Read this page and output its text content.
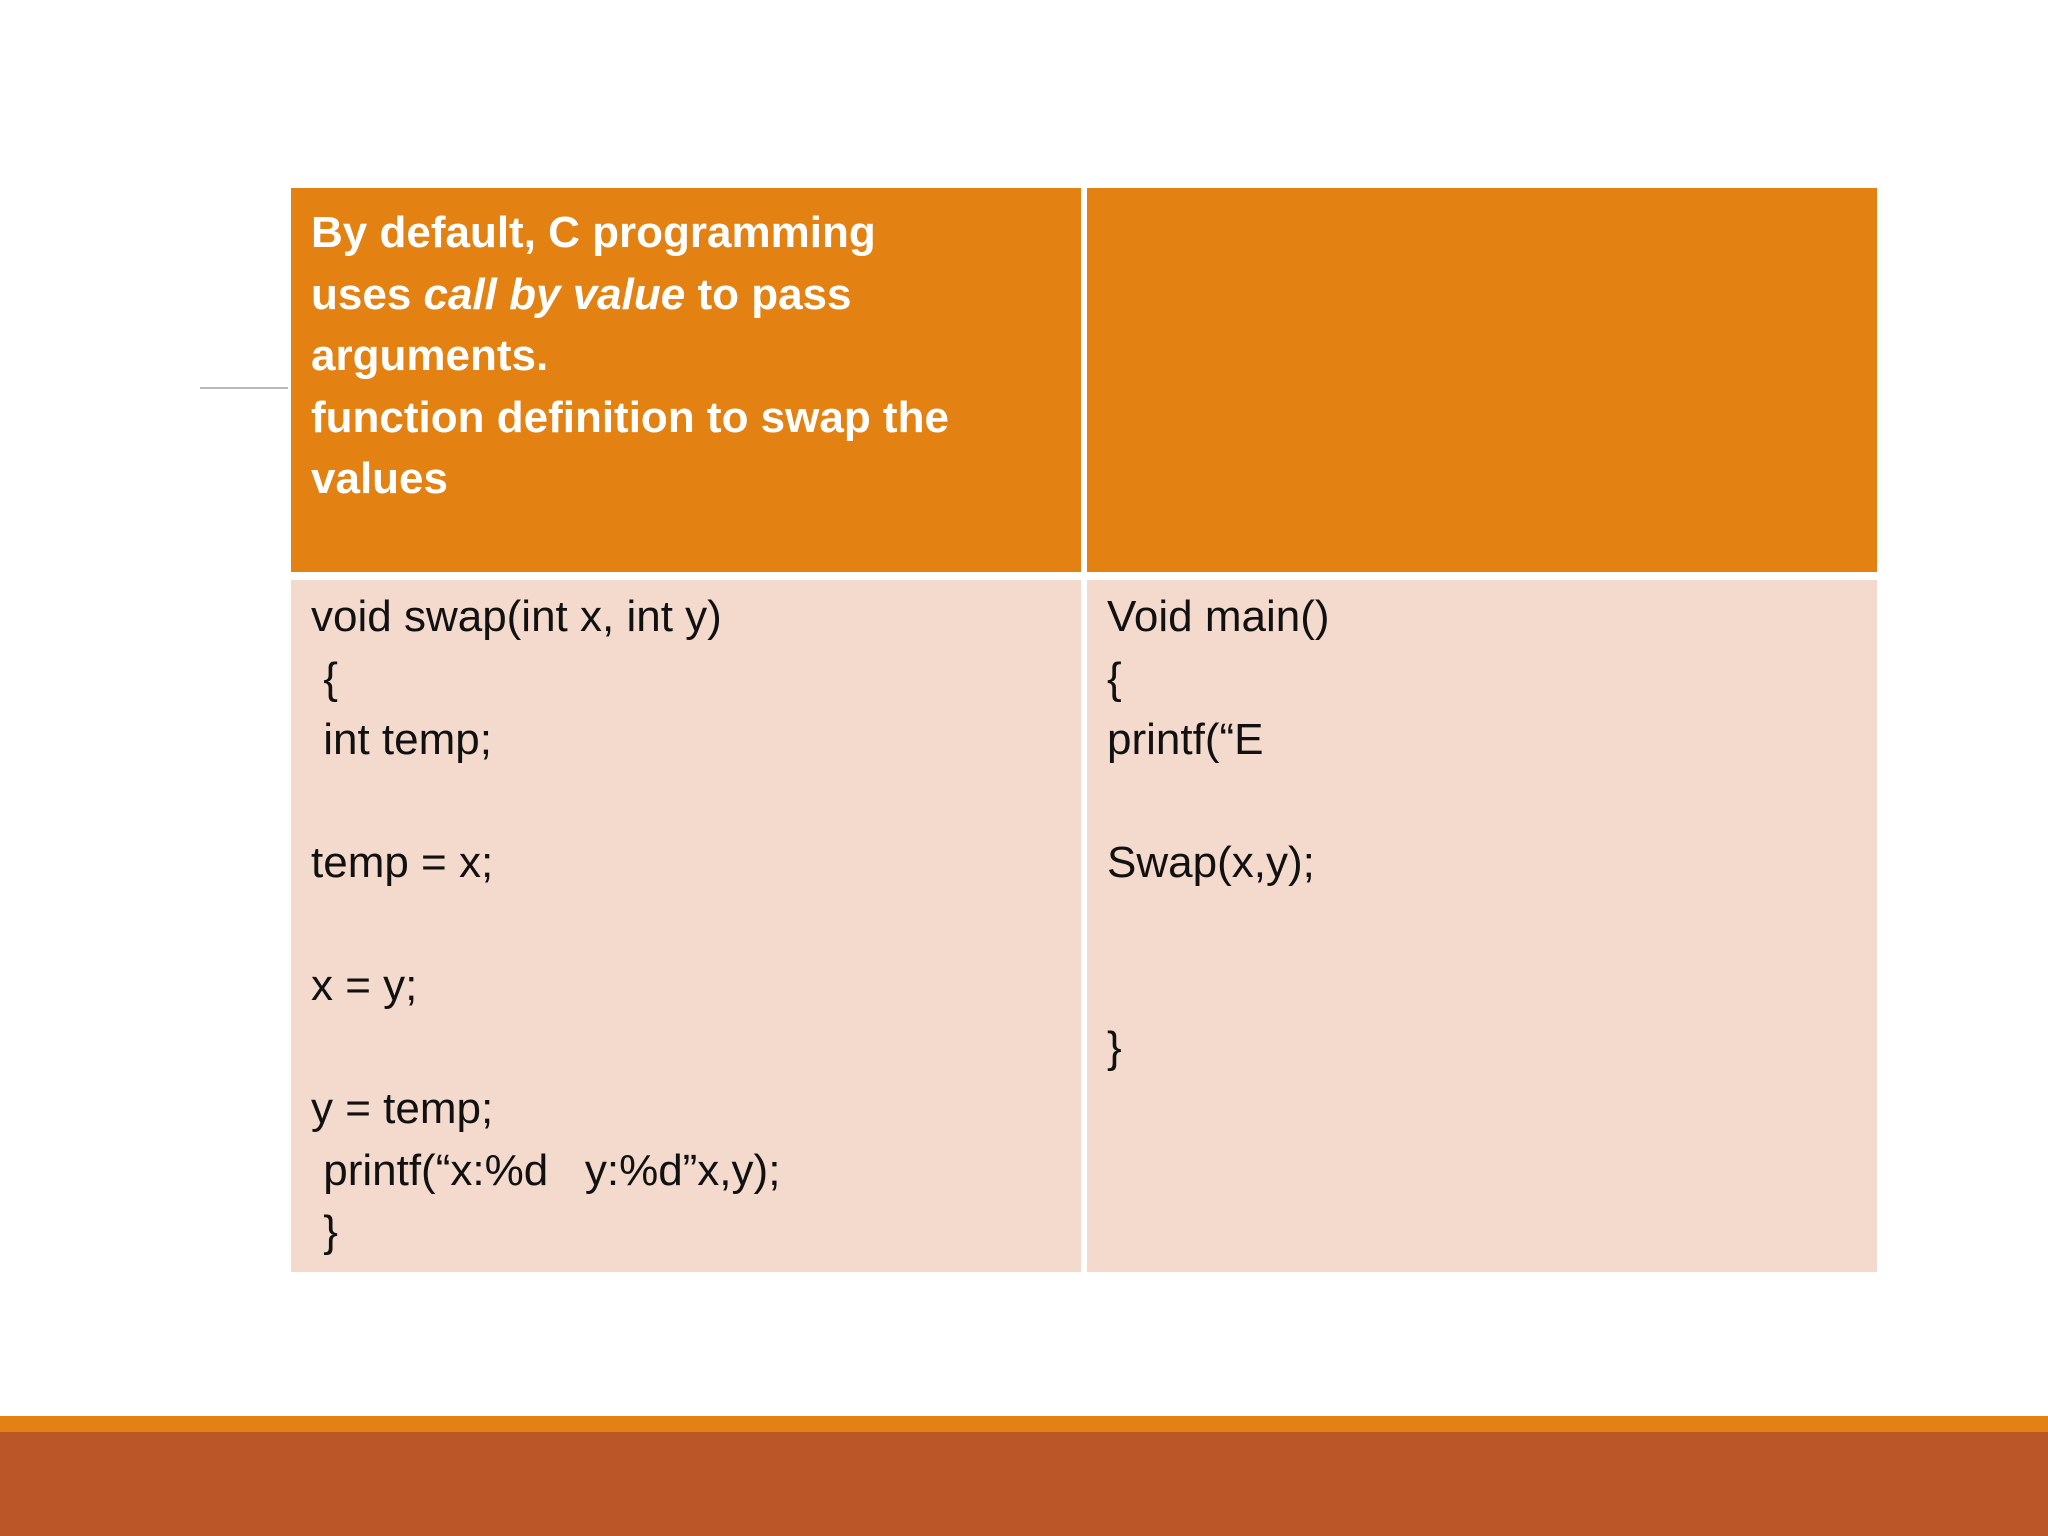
By default, C programming
uses call by value to pass
arguments.
function definition to swap the
values
void swap(int x, int y)
{
int temp;
temp = x;
x = y;
y = temp;
printf(“x:%d   y:%d”x,y);
}
Void main()
{
printf(“E
Swap(x,y);
}
